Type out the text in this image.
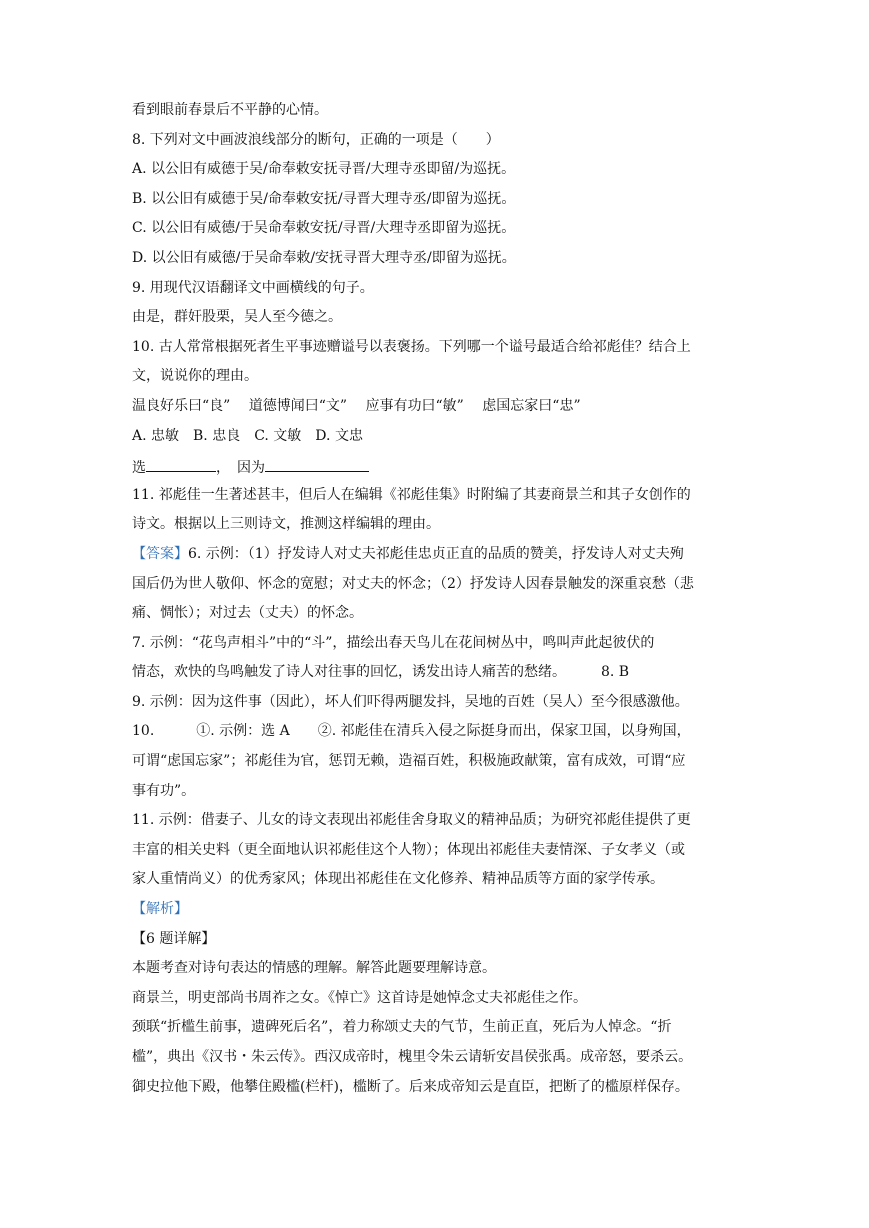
看到眼前春景后不平静的心情。
8. 下列对文中画波浪线部分的断句，正确的一项是（　　）
A. 以公旧有威德于吴/命奉敕安抚寻晋/大理寺丞即留/为巡抚。
B. 以公旧有威德于吴/命奉敕安抚/寻晋大理寺丞/即留为巡抚。
C. 以公旧有威德/于吴命奉敕安抚/寻晋/大理寺丞即留为巡抚。
D. 以公旧有威德/于吴命奉敕/安抚寻晋大理寺丞/即留为巡抚。
9. 用现代汉语翻译文中画横线的句子。
由是，群奸股栗，吴人至今德之。
10. 古人常常根据死者生平事迹赠谥号以表褒扬。下列哪一个谥号最适合给祁彪佳？结合上
文，说说你的理由。
温良好乐曰“良”　 道德博闻曰“文”　 应事有功曰“敏”　 虑国忘家曰“忠”
A. 忠敏　B. 忠良　C. 文敏　D. 文忠
选	，　因为
11. 祁彪佳一生著述甚丰，但后人在编辑《祁彪佳集》时附编了其妻商景兰和其子女创作的
诗文。根据以上三则诗文，推测这样编辑的理由。
【答案】6. 示例：（1）抒发诗人对丈夫祁彪佳忠贞正直的品质的赞美，抒发诗人对丈夫殉
国后仍为世人敬仰、怀念的宽慰；对丈夫的怀念；（2）抒发诗人因春景触发的深重哀愁（悲
痛、惆怅）；对过去（丈夫）的怀念。
7. 示例：“花鸟声相斗”中的“斗”，描绘出春天鸟儿在花间树丛中，鸣叫声此起彼伏的
情态，欢快的鸟鸣触发了诗人对往事的回忆，诱发出诗人痛苦的愁绪。　　　8. B
9. 示例：因为这件事（因此），坏人们吓得两腿发抖，吴地的百姓（吴人）至今很感激他。
10.　　　①. 示例：选 A　　②. 祁彪佳在清兵入侵之际挺身而出，保家卫国，以身殉国，
可谓“虑国忘家”；祁彪佳为官，惩罚无赖，造福百姓，积极施政献策，富有成效，可谓“应
事有功”。
11. 示例：借妻子、儿女的诗文表现出祁彪佳舍身取义的精神品质；为研究祁彪佳提供了更
丰富的相关史料（更全面地认识祁彪佳这个人物）；体现出祁彪佳夫妻情深、子女孝义（或
家人重情尚义）的优秀家风；体现出祁彪佳在文化修养、精神品质等方面的家学传承。
【解析】
【6 题详解】
本题考查对诗句表达的情感的理解。解答此题要理解诗意。
商景兰，明吏部尚书周祚之女。《悼亡》这首诗是她悼念丈夫祁彪佳之作。
颈联“折槛生前事，遗碑死后名”，着力称颂丈夫的气节，生前正直，死后为人悼念。“折
槛”，典出《汉书・朱云传》。西汉成帝时，槐里令朱云请斩安昌侯张禹。成帝怒，要杀云。
御史拉他下殿，他攀住殿槛(栏杆)，槛断了。后来成帝知云是直臣，把断了的槛原样保存。
